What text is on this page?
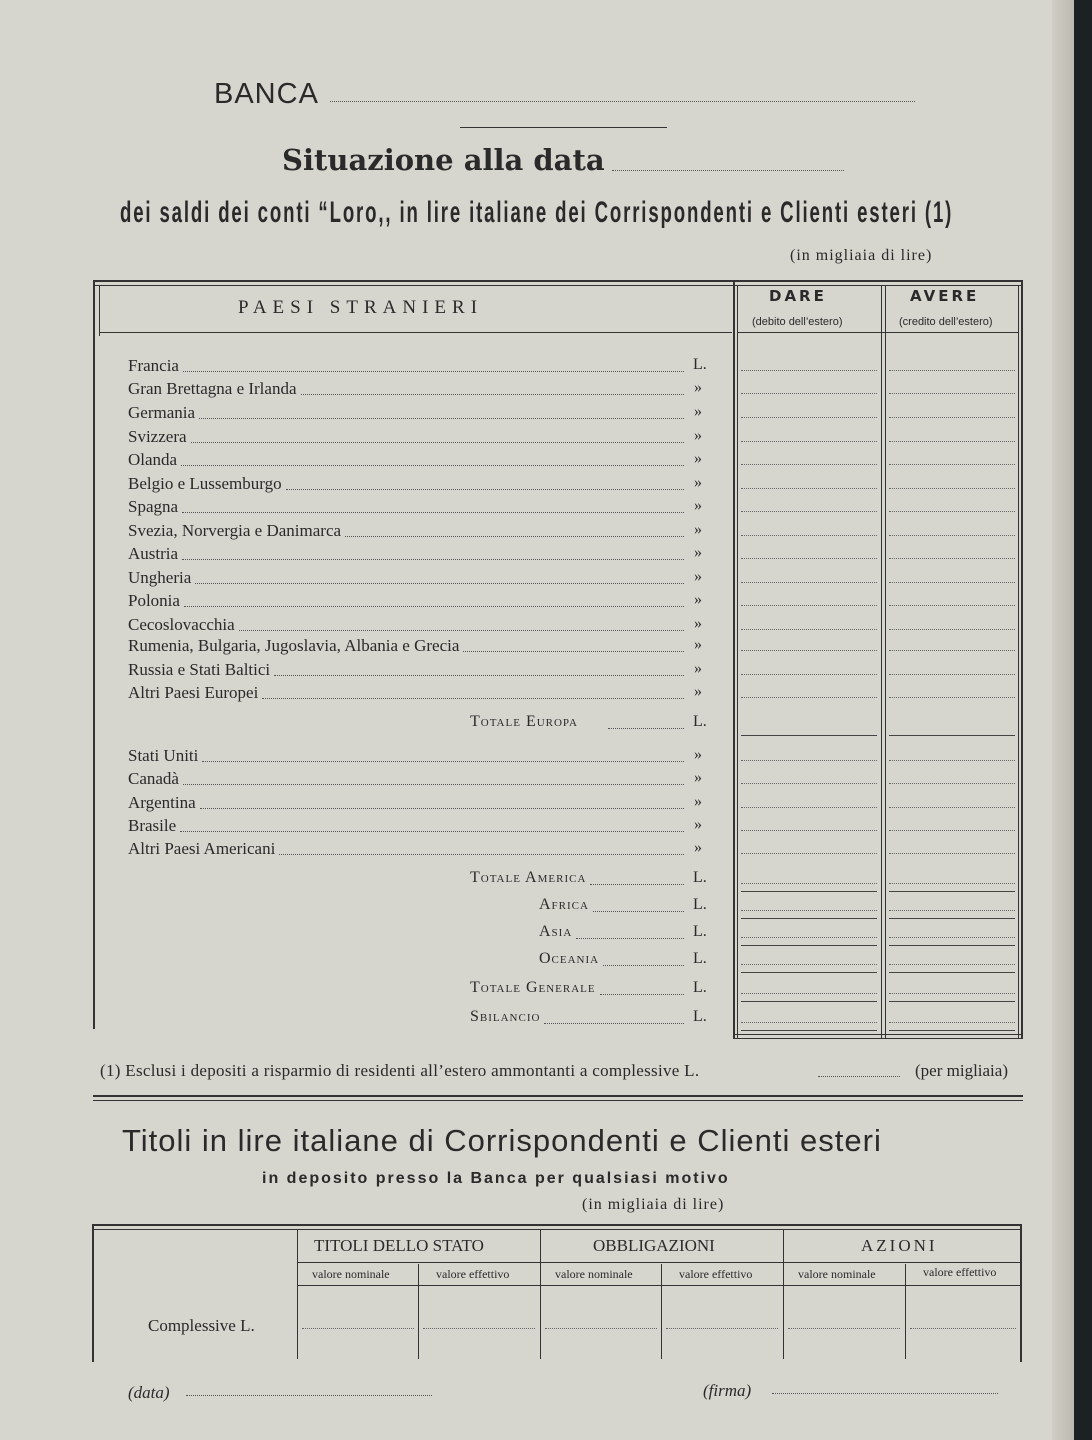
BANCA
Situazione alla data
dei saldi dei conti “Loro,, in lire italiane dei Corrispondenti e Clienti esteri (1)
(in migliaia di lire)
PAESI STRANIERI
DARE
(debito dell’estero)
AVERE
(credito dell’estero)
Francia	L.
Gran Brettagna e Irlanda	»
Germania	»
Svizzera	»
Olanda	»
Belgio e Lussemburgo	»
Spagna	»
Svezia, Norvergia e Danimarca	»
Austria	»
Ungheria	»
Polonia	»
Cecoslovacchia	»
Rumenia, Bulgaria, Jugoslavia, Albania e Grecia	»
Russia e Stati Baltici	»
Altri Paesi Europei	»
Totale Europa	L.
Stati Uniti	»
Canadà	»
Argentina	»
Brasile	»
Altri Paesi Americani	»
Totale America	L.
Africa	L.
Asia	L.
Oceania	L.
Totale Generale	L.
Sbilancio	L.
(1) Esclusi i depositi a risparmio di residenti all’estero ammontanti a complessive L.	(per migliaia)
Titoli in lire italiane di Corrispondenti e Clienti esteri
in deposito presso la Banca per qualsiasi motivo
(in migliaia di lire)
TITOLI DELLO STATO	OBBLIGAZIONI	AZIONI
valore nominale	valore effettivo	valore nominale	valore effettivo	valore nominale	valore effettivo
Complessive L.
(data)	(firma)
